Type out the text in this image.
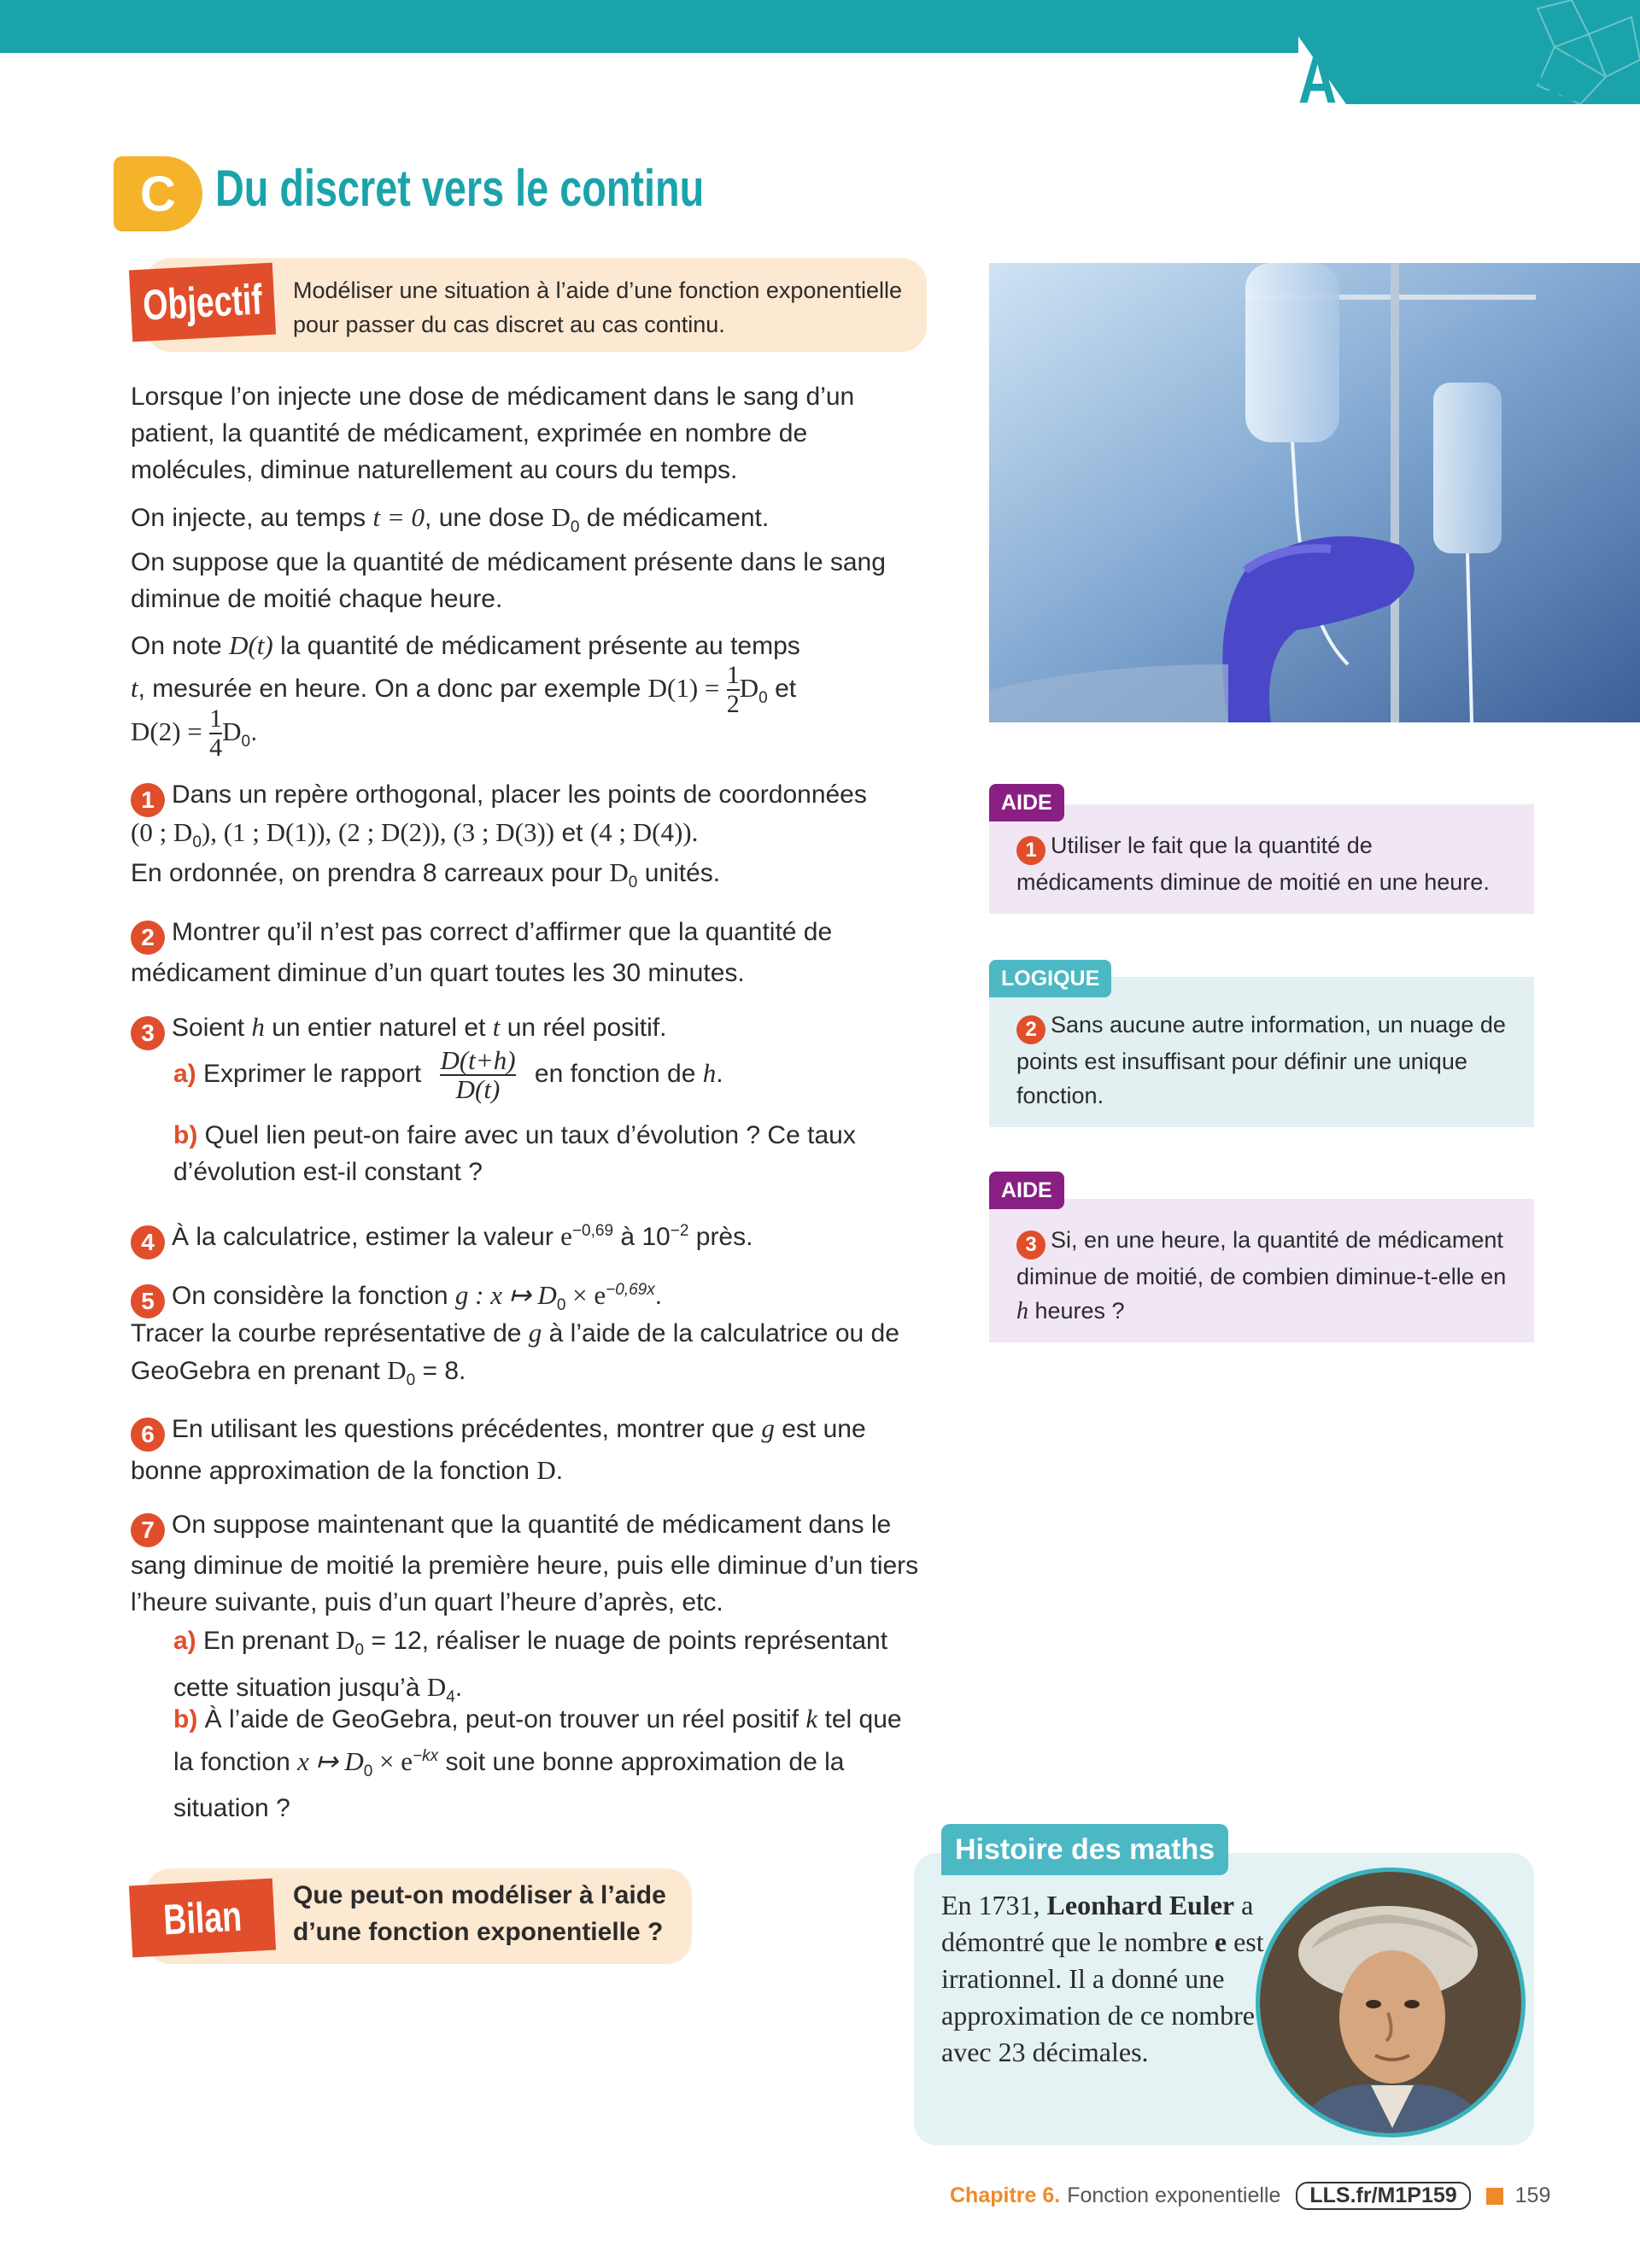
ACTIVITÉS
C Du discret vers le continu
Objectif Modéliser une situation à l’aide d’une fonction exponentielle pour passer du cas discret au cas continu.
Lorsque l’on injecte une dose de médicament dans le sang d’un patient, la quantité de médicament, exprimée en nombre de molécules, diminue naturellement au cours du temps.
On injecte, au temps t = 0, une dose $D_0$ de médicament.
On suppose que la quantité de médicament présente dans le sang diminue de moitié chaque heure.
On note D(t) la quantité de médicament présente au temps
t, mesurée en heure. On a donc par exemple $D(1) = \frac{1}{2} D_0$ et
$D(2) = \frac{1}{4} D_0$.
1 Dans un repère orthogonal, placer les points de coordonnées
(0 ; $D_0$), (1 ; D(1)), (2 ; D(2)), (3 ; D(3)) et (4 ; D(4)).
En ordonnée, on prendra 8 carreaux pour $D_0$ unités.
2 Montrer qu’il n’est pas correct d’affirmer que la quantité de médicament diminue d’un quart toutes les 30 minutes.
3 Soient h un entier naturel et t un réel positif.
a) Exprimer le rapport $\frac{D(t+h)}{D(t)}$ en fonction de h.
b) Quel lien peut-on faire avec un taux d’évolution ? Ce taux d’évolution est-il constant ?
4 À la calculatrice, estimer la valeur $e^{-0,69}$ à $10^{-2}$ près.
5 On considère la fonction g : x ↦ $D_0 \times e^{-0,69x}$.
Tracer la courbe représentative de g à l’aide de la calculatrice ou de GeoGebra en prenant $D_0 = 8$.
6 En utilisant les questions précédentes, montrer que g est une bonne approximation de la fonction D.
7 On suppose maintenant que la quantité de médicament dans le sang diminue de moitié la première heure, puis elle diminue d’un tiers l’heure suivante, puis d’un quart l’heure d’après, etc.
a) En prenant $D_0 = 12$, réaliser le nuage de points représentant cette situation jusqu’à $D_4$.
b) À l’aide de GeoGebra, peut-on trouver un réel positif k tel que la fonction x ↦ $D_0 \times e^{-kx}$ soit une bonne approximation de la situation ?
AIDE
1 Utiliser le fait que la quantité de médicaments diminue de moitié en une heure.
LOGIQUE
2 Sans aucune autre information, un nuage de points est insuffisant pour définir une unique fonction.
AIDE
3 Si, en une heure, la quantité de médicament diminue de moitié, de combien diminue-t-elle en h heures ?
Bilan Que peut-on modéliser à l’aide d’une fonction exponentielle ?
Histoire des maths
En 1731, Leonhard Euler a démontré que le nombre e est irrationnel. Il a donné une approximation de ce nombre avec 23 décimales.
Chapitre 6. Fonction exponentielle	LLS.fr/M1P159	159
